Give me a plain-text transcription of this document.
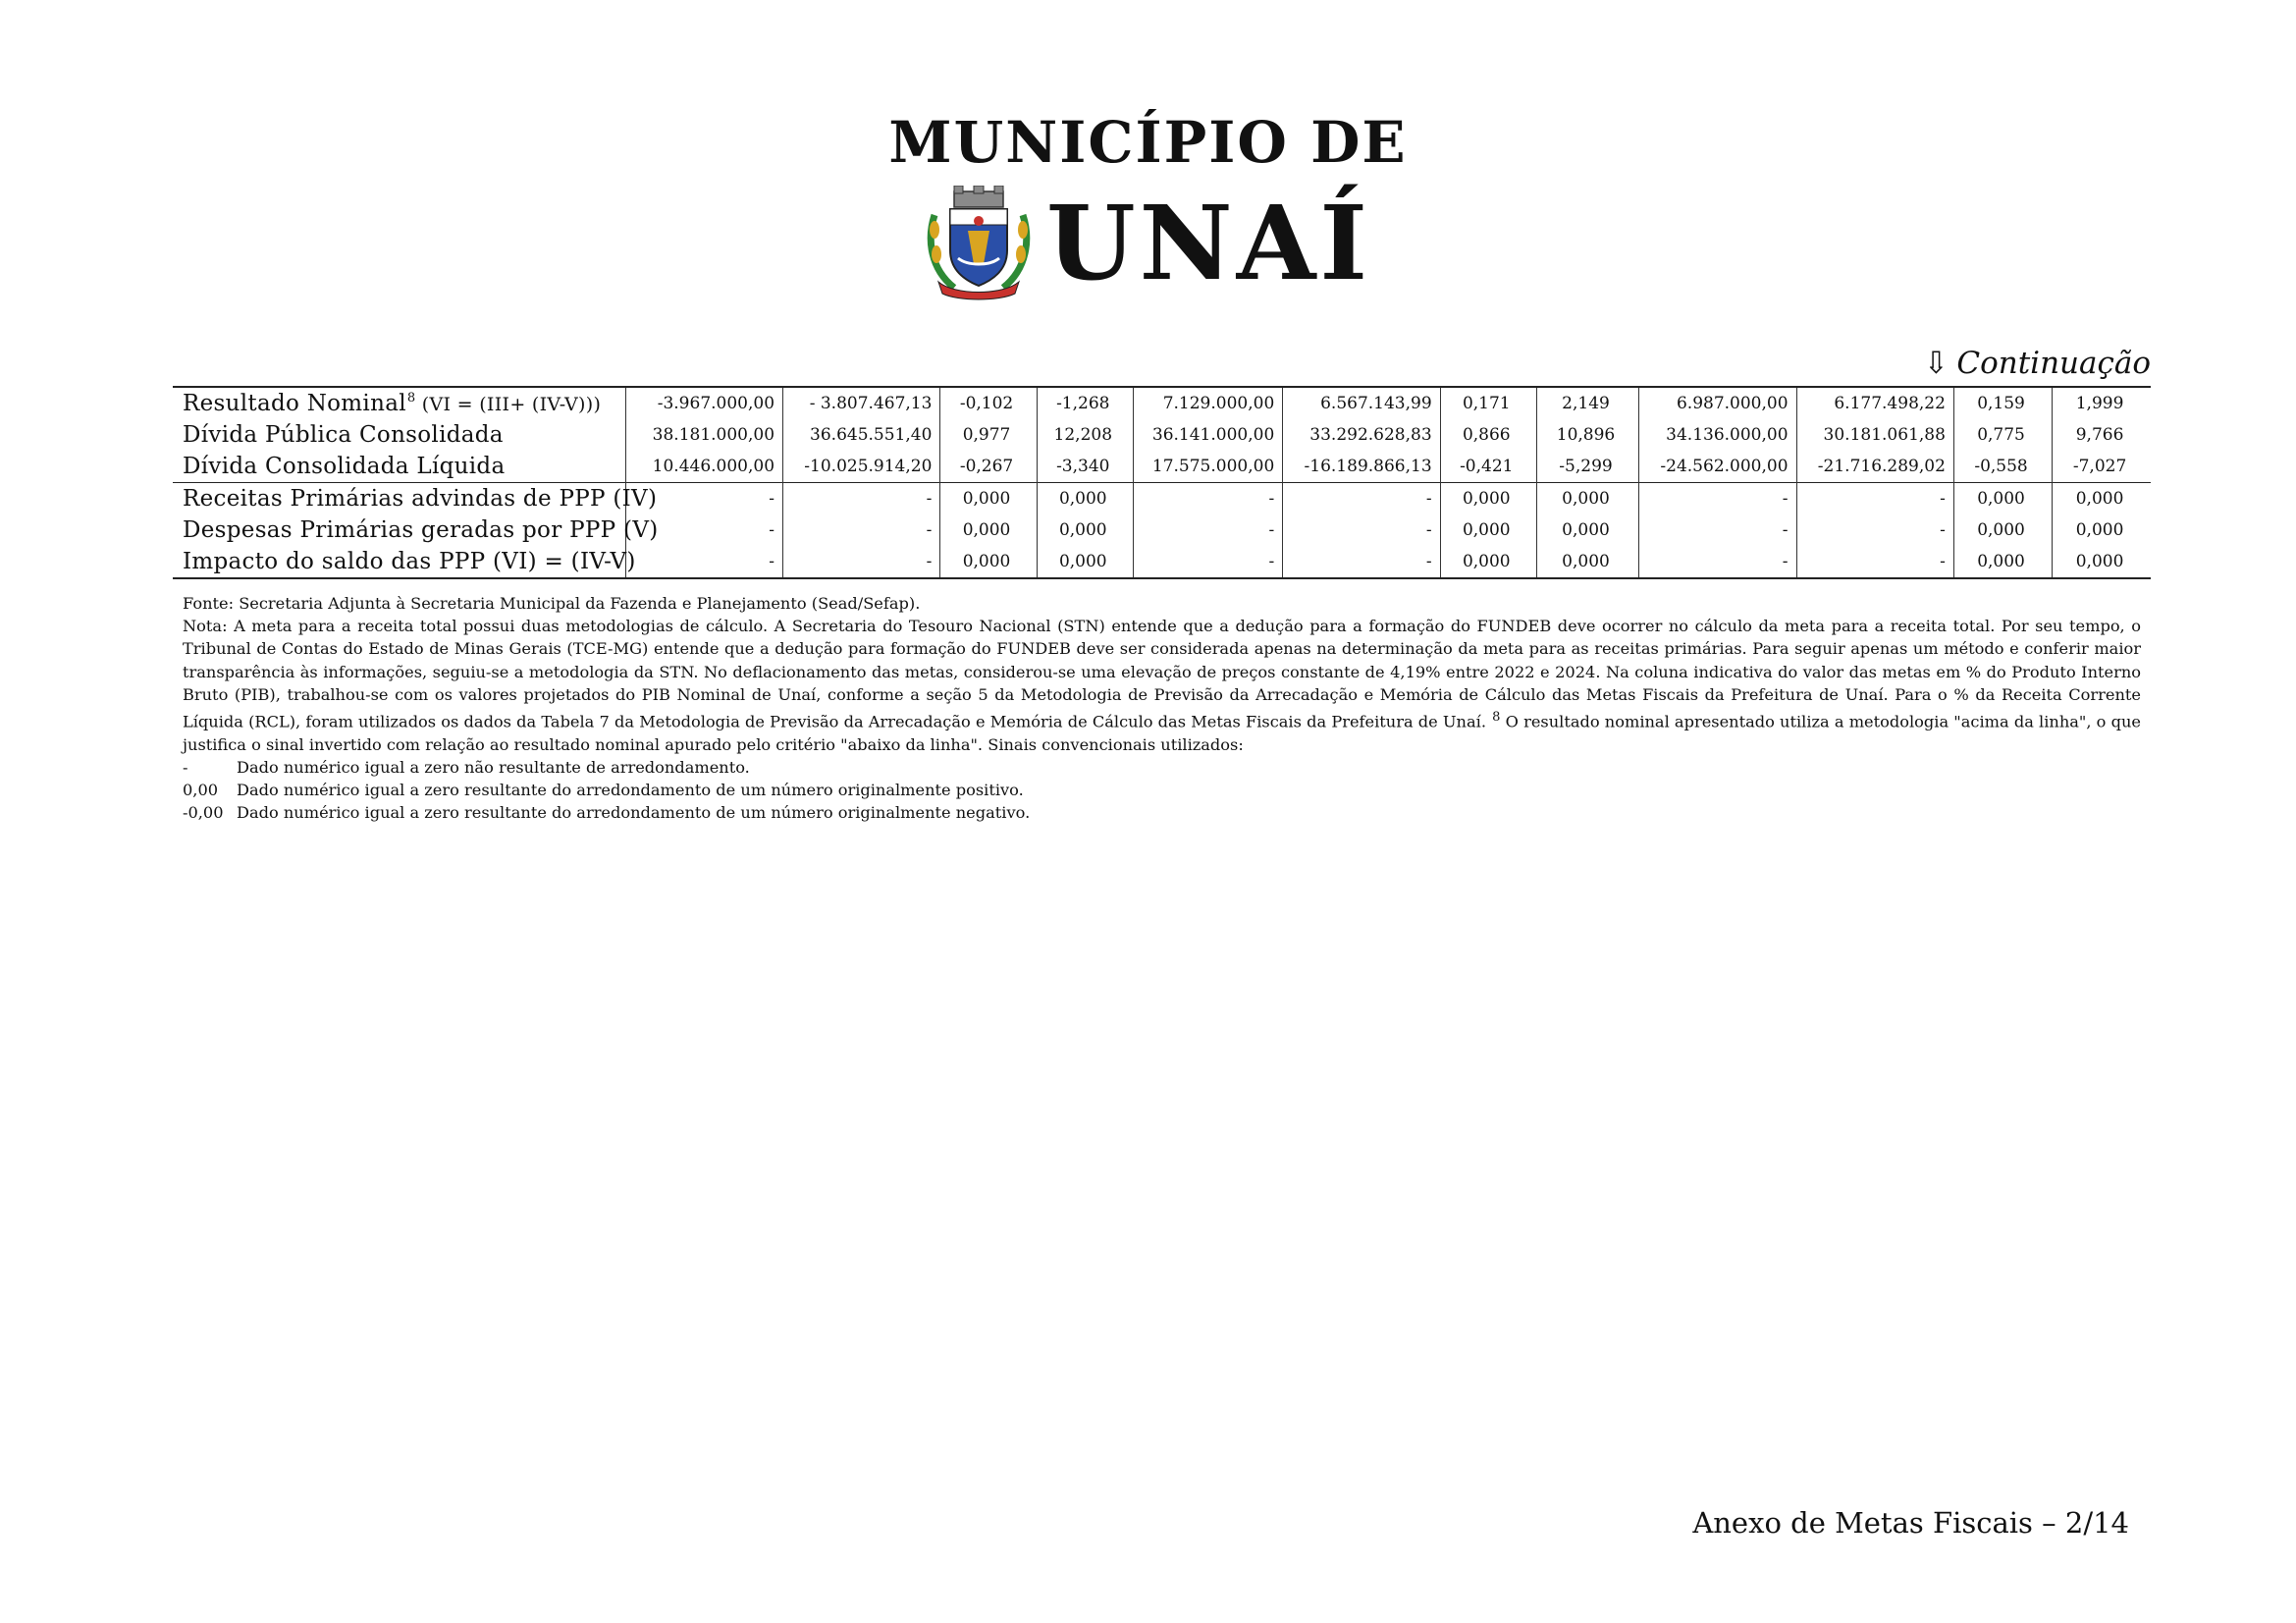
MUNICÍPIO DE
UNAÍ
⇩ Continuação
Resultado Nominal$^8$ (VI = (III+ (IV-V)))	-3.967.000,00	- 3.807.467,13	-0,102	-1,268	7.129.000,00	6.567.143,99	0,171	2,149	6.987.000,00	6.177.498,22	0,159	1,999
Dívida Pública Consolidada	38.181.000,00	36.645.551,40	0,977	12,208	36.141.000,00	33.292.628,83	0,866	10,896	34.136.000,00	30.181.061,88	0,775	9,766
Dívida Consolidada Líquida	10.446.000,00	-10.025.914,20	-0,267	-3,340	17.575.000,00	-16.189.866,13	-0,421	-5,299	-24.562.000,00	-21.716.289,02	-0,558	-7,027
Receitas Primárias advindas de PPP (IV)	-	-	0,000	0,000	-	-	0,000	0,000	-	-	0,000	0,000
Despesas Primárias geradas por PPP (V)	-	-	0,000	0,000	-	-	0,000	0,000	-	-	0,000	0,000
Impacto do saldo das PPP (VI) = (IV-V)	-	-	0,000	0,000	-	-	0,000	0,000	-	-	0,000	0,000

Fonte: Secretaria Adjunta à Secretaria Municipal da Fazenda e Planejamento (Sead/Sefap).

Nota: A meta para a receita total possui duas metodologias de cálculo. A Secretaria do Tesouro Nacional (STN) entende que a dedução para a formação do FUNDEB deve ocorrer no cálculo da meta para a receita total. Por seu tempo, o Tribunal de Contas do Estado de Minas Gerais (TCE-MG) entende que a dedução para formação do FUNDEB deve ser considerada apenas na determinação da meta para as receitas primárias. Para seguir apenas um método e conferir maior transparência às informações, seguiu-se a metodologia da STN. No deflacionamento das metas, considerou-se uma elevação de preços constante de 4,19% entre 2022 e 2024. Na coluna indicativa do valor das metas em % do Produto Interno Bruto (PIB), trabalhou-se com os valores projetados do PIB Nominal de Unaí, conforme a seção 5 da Metodologia de Previsão da Arrecadação e Memória de Cálculo das Metas Fiscais da Prefeitura de Unaí. Para o % da Receita Corrente Líquida (RCL), foram utilizados os dados da Tabela 7 da Metodologia de Previsão da Arrecadação e Memória de Cálculo das Metas Fiscais da Prefeitura de Unaí. $^8$ O resultado nominal apresentado utiliza a metodologia "acima da linha", o que justifica o sinal invertido com relação ao resultado nominal apurado pelo critério "abaixo da linha". Sinais convencionais utilizados:

-	Dado numérico igual a zero não resultante de arredondamento.
0,00	Dado numérico igual a zero resultante do arredondamento de um número originalmente positivo.
-0,00 Dado numérico igual a zero resultante do arredondamento de um número originalmente negativo.
Anexo de Metas Fiscais – 2/14
